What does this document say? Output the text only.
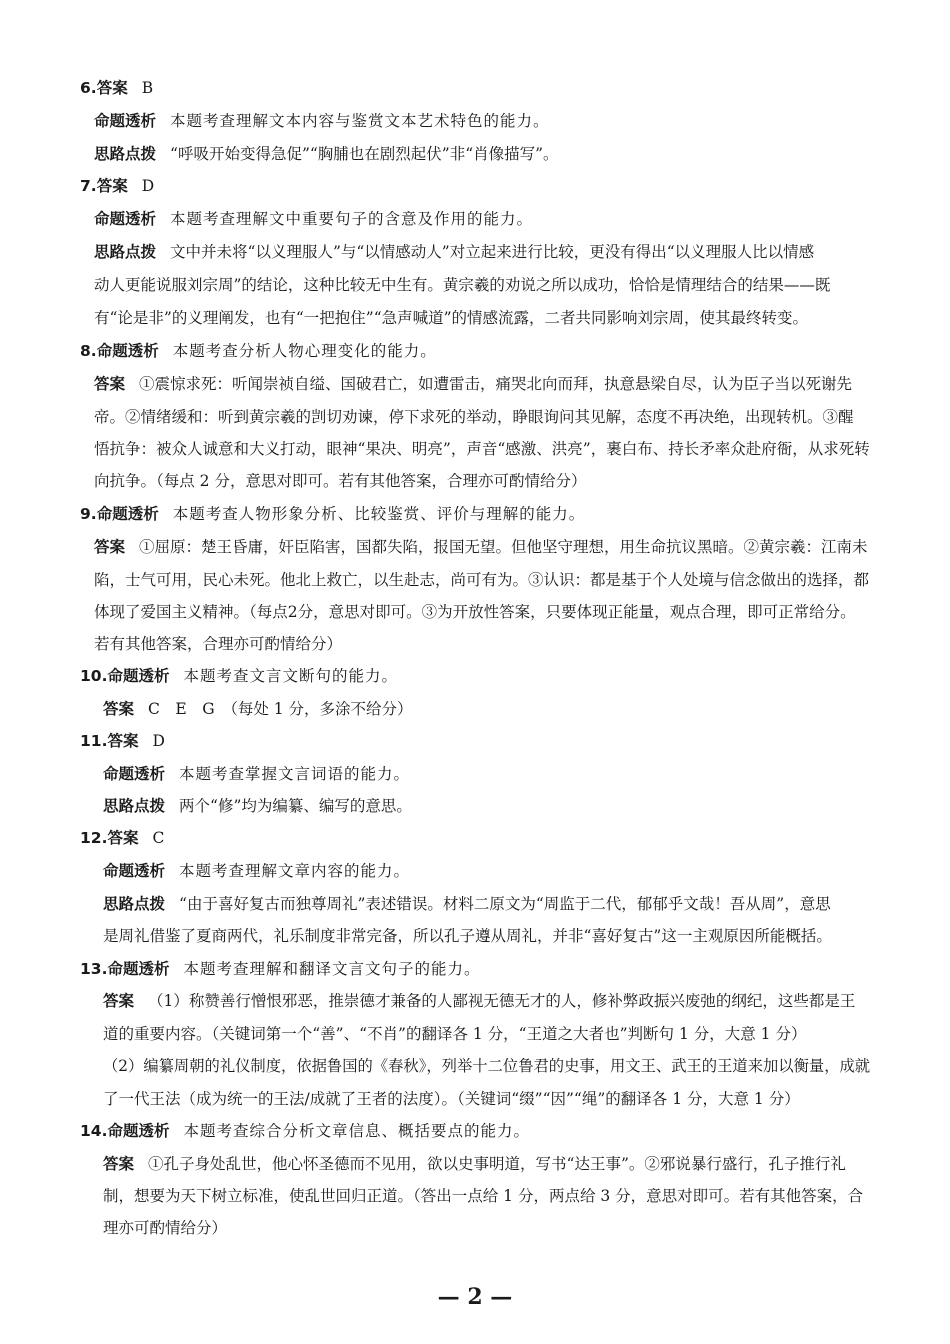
6.答案 B
命题透析 本题考查理解文本内容与鉴赏文本艺术特色的能力。
思路点拨 “呼吸开始变得急促”“胸脯也在剧烈起伏”非“肖像描写”。
7.答案 D
命题透析 本题考查理解文中重要句子的含意及作用的能力。
思路点拨 文中并未将“以义理服人”与“以情感动人”对立起来进行比较，更没有得出“以义理服人比以情感
动人更能说服刘宗周”的结论，这种比较无中生有。黄宗羲的劝说之所以成功，恰恰是情理结合的结果——既
有“论是非”的义理阐发，也有“一把抱住”“急声喊道”的情感流露，二者共同影响刘宗周，使其最终转变。
8.命题透析 本题考查分析人物心理变化的能力。
答案 ①震惊求死：听闻崇祯自缢、国破君亡，如遭雷击，痛哭北向而拜，执意悬梁自尽，认为臣子当以死谢先
帝。②情绪缓和：听到黄宗羲的剀切劝谏，停下求死的举动，睁眼询问其见解，态度不再决绝，出现转机。③醒
悟抗争：被众人诚意和大义打动，眼神“果决、明亮”，声音“感激、洪亮”，裹白布、持长矛率众赴府衙，从求死转
向抗争。（每点 2 分，意思对即可。若有其他答案，合理亦可酌情给分）
9.命题透析 本题考查人物形象分析、比较鉴赏、评价与理解的能力。
答案 ①屈原：楚王昏庸，奸臣陷害，国都失陷，报国无望。但他坚守理想，用生命抗议黑暗。②黄宗羲：江南未
陷，士气可用，民心未死。他北上救亡，以生赴志，尚可有为。③认识：都是基于个人处境与信念做出的选择，都
体现了爱国主义精神。（每点2分，意思对即可。③为开放性答案，只要体现正能量，观点合理，即可正常给分。
若有其他答案，合理亦可酌情给分）
10.命题透析 本题考查文言文断句的能力。
答案 C　E　G　（每处 1 分，多涂不给分）
11.答案 D
命题透析 本题考查掌握文言词语的能力。
思路点拨 两个“修”均为编纂、编写的意思。
12.答案 C
命题透析 本题考查理解文章内容的能力。
思路点拨 “由于喜好复古而独尊周礼”表述错误。材料二原文为“周监于二代，郁郁乎文哉！吾从周”，意思
是周礼借鉴了夏商两代，礼乐制度非常完备，所以孔子遵从周礼，并非“喜好复古”这一主观原因所能概括。
13.命题透析 本题考查理解和翻译文言文句子的能力。
答案 （1）称赞善行憎恨邪恶，推崇德才兼备的人鄙视无德无才的人，修补弊政振兴废弛的纲纪，这些都是王
道的重要内容。（关键词第一个“善”、“不肖”的翻译各 1 分，“王道之大者也”判断句 1 分，大意 1 分）
（2）编纂周朝的礼仪制度，依据鲁国的《春秋》，列举十二位鲁君的史事，用文王、武王的王道来加以衡量，成就
了一代王法（成为统一的王法/成就了王者的法度）。（关键词“缀”“因”“绳”的翻译各 1 分，大意 1 分）
14.命题透析 本题考查综合分析文章信息、概括要点的能力。
答案 ①孔子身处乱世，他心怀圣德而不见用，欲以史事明道，写书“达王事”。②邪说暴行盛行，孔子推行礼
制，想要为天下树立标准，使乱世回归正道。（答出一点给 1 分，两点给 3 分，意思对即可。若有其他答案，合
理亦可酌情给分）
— 2 —
